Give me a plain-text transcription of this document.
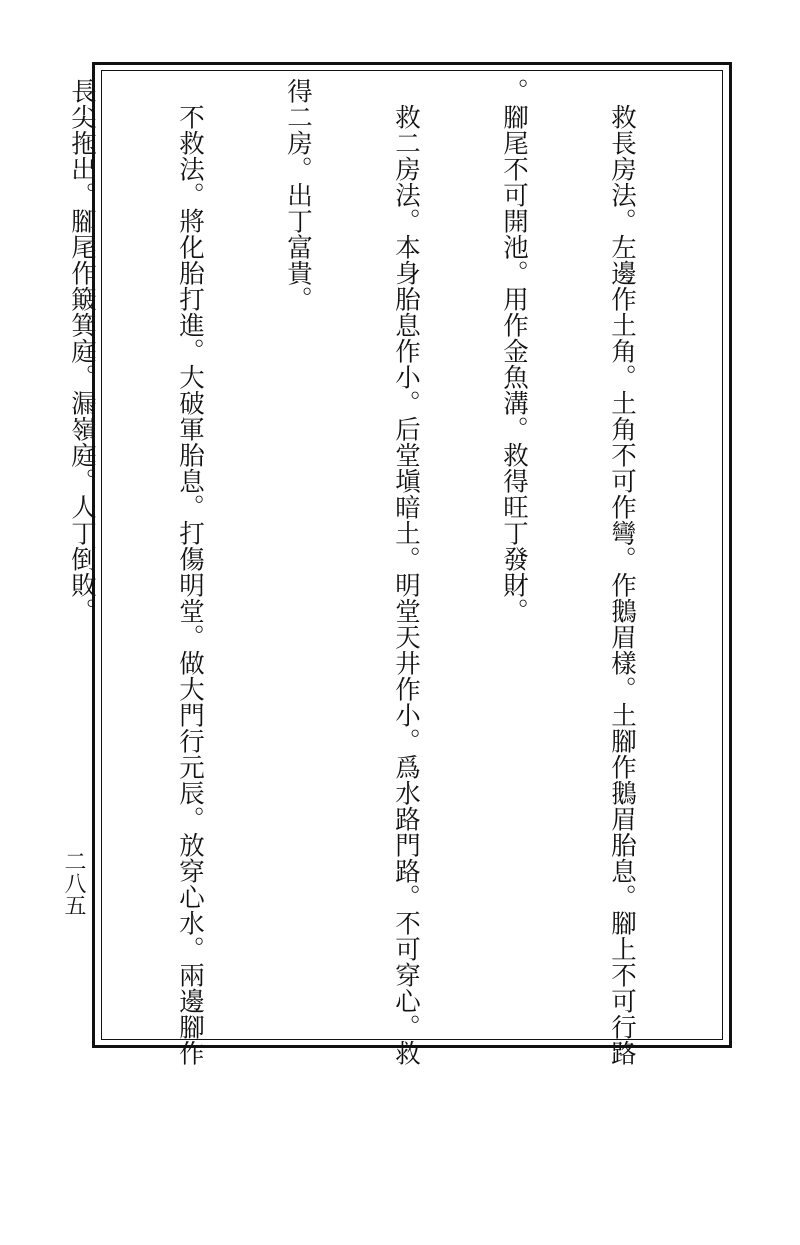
　救長房法。左邊作土角。土角不可作彎。作鵝眉樣。土腳作鵝眉胎息。腳上不可行路

。腳尾不可開池。用作金魚溝。救得旺丁發財。

　救二房法。本身胎息作小。后堂塡暗土。明堂天井作小。爲水路門路。不可穿心。救

得二房。出丁富貴。

　不救法。將化胎打進。大破軍胎息。打傷明堂。做大門行元辰。放穿心水。兩邊腳作

長尖拖出。腳尾作簸箕庭。漏嶺庭。人丁倒敗。

二八五
